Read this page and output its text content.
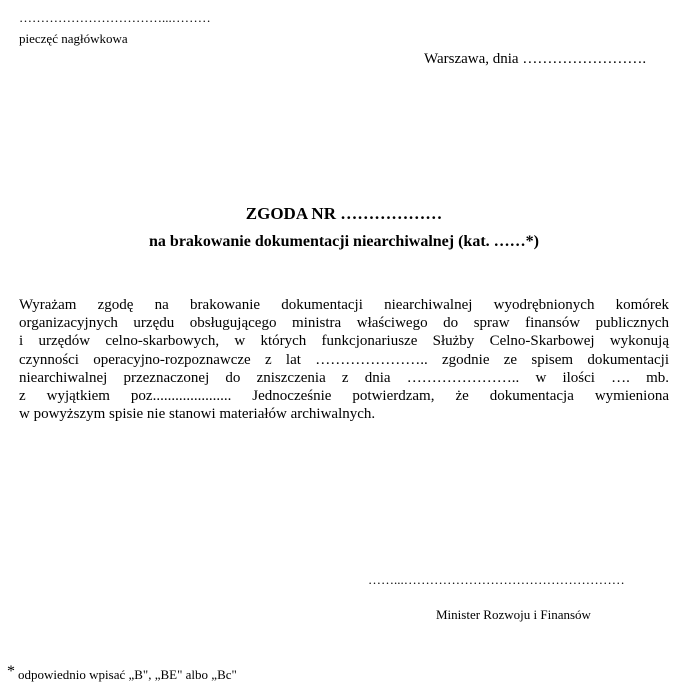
……………………………...………
pieczęć nagłówkowa
Warszawa, dnia …………………….
ZGODA NR ………………
na brakowanie dokumentacji niearchiwalnej (kat. ……*)
Wyrażam zgodę na brakowanie dokumentacji niearchiwalnej wyodrębnionych komórek
organizacyjnych urzędu obsługującego ministra właściwego do spraw finansów publicznych
i urzędów celno-skarbowych, w których funkcjonariusze Służby Celno-Skarbowej wykonują
czynności operacyjno-rozpoznawcze z lat ………………….. zgodnie ze spisem dokumentacji
niearchiwalnej przeznaczonej do zniszczenia z dnia ………………….. w ilości …. mb.
z wyjątkiem poz..................... Jednocześnie potwierdzam, że dokumentacja wymieniona
w powyższym spisie nie stanowi materiałów archiwalnych.
……...……………………………………………
Minister Rozwoju i Finansów
* odpowiednio wpisać „B", „BE" albo „Bc"
